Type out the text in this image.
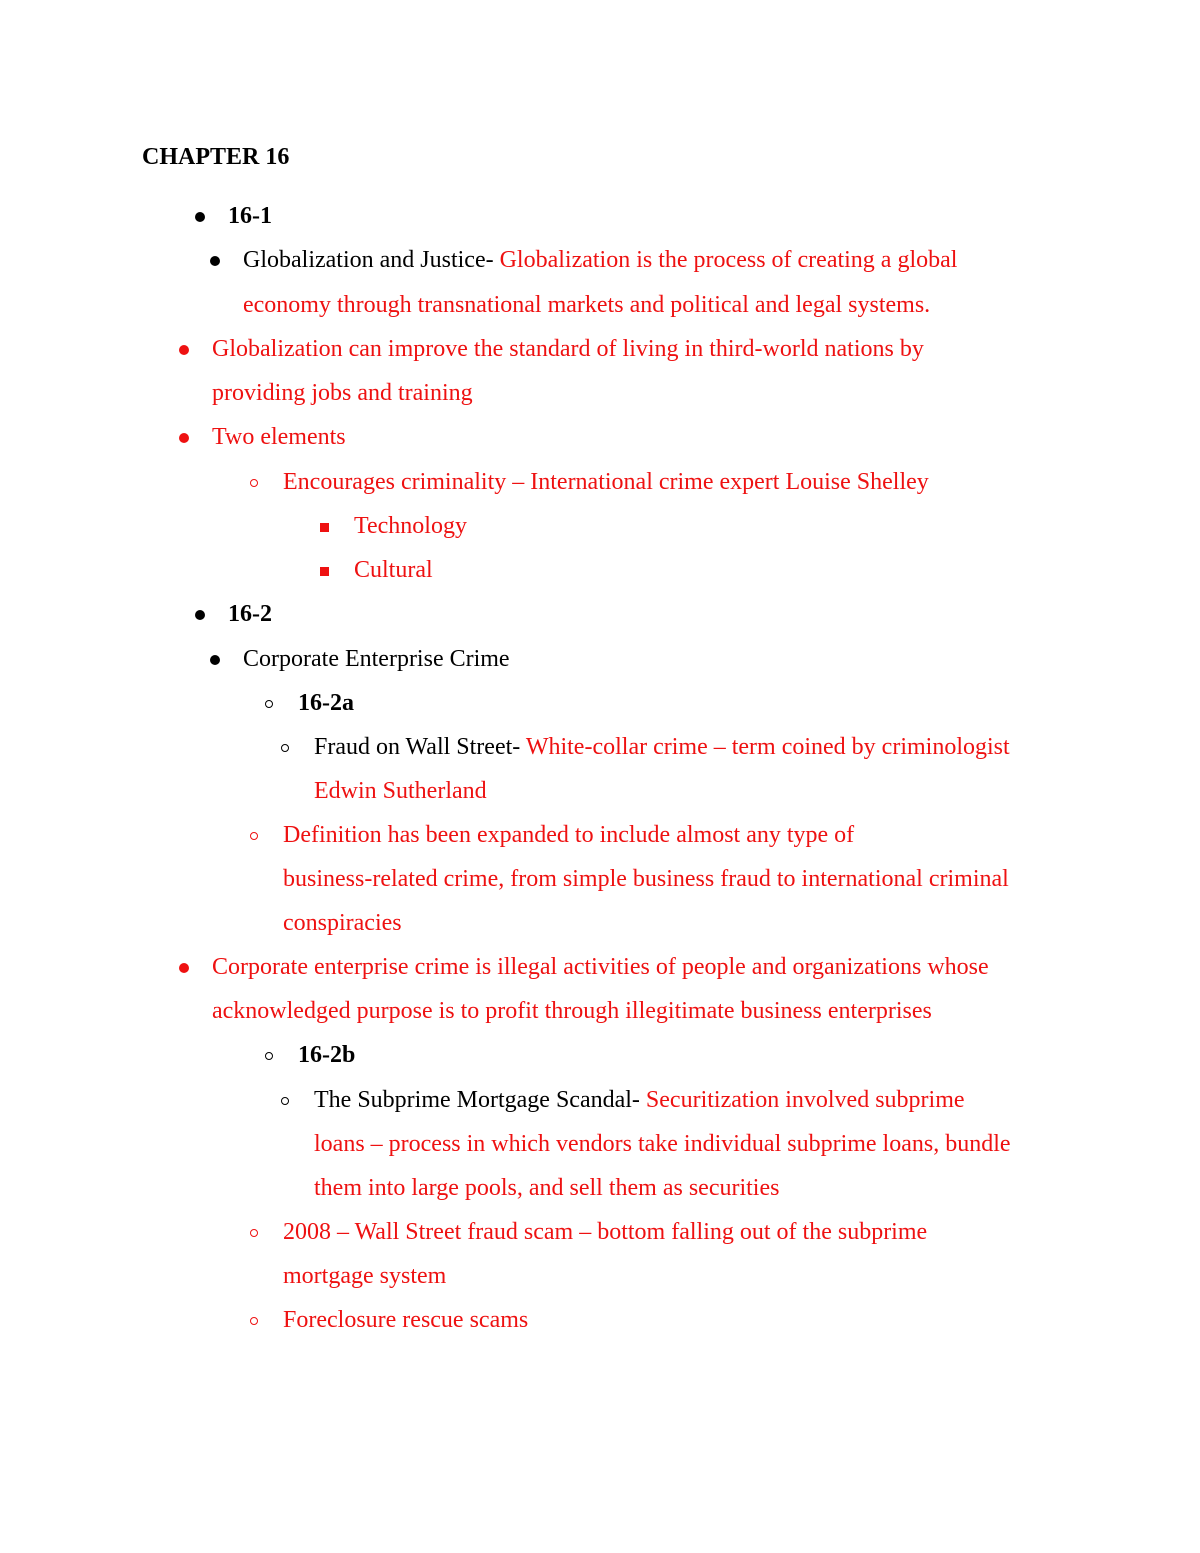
CHAPTER 16
16-1
Globalization and Justice- Globalization is the process of creating a global
economy through transnational markets and political and legal systems.
Globalization can improve the standard of living in third-world nations by
providing jobs and training
Two elements
Encourages criminality – International crime expert Louise Shelley
Technology
Cultural
16-2
Corporate Enterprise Crime
16-2a
Fraud on Wall Street- White-collar crime – term coined by criminologist
Edwin Sutherland
Definition has been expanded to include almost any type of
business-related crime, from simple business fraud to international criminal
conspiracies
Corporate enterprise crime is illegal activities of people and organizations whose
acknowledged purpose is to profit through illegitimate business enterprises
16-2b
The Subprime Mortgage Scandal- Securitization involved subprime
loans – process in which vendors take individual subprime loans, bundle
them into large pools, and sell them as securities
2008 – Wall Street fraud scam – bottom falling out of the subprime
mortgage system
Foreclosure rescue scams
